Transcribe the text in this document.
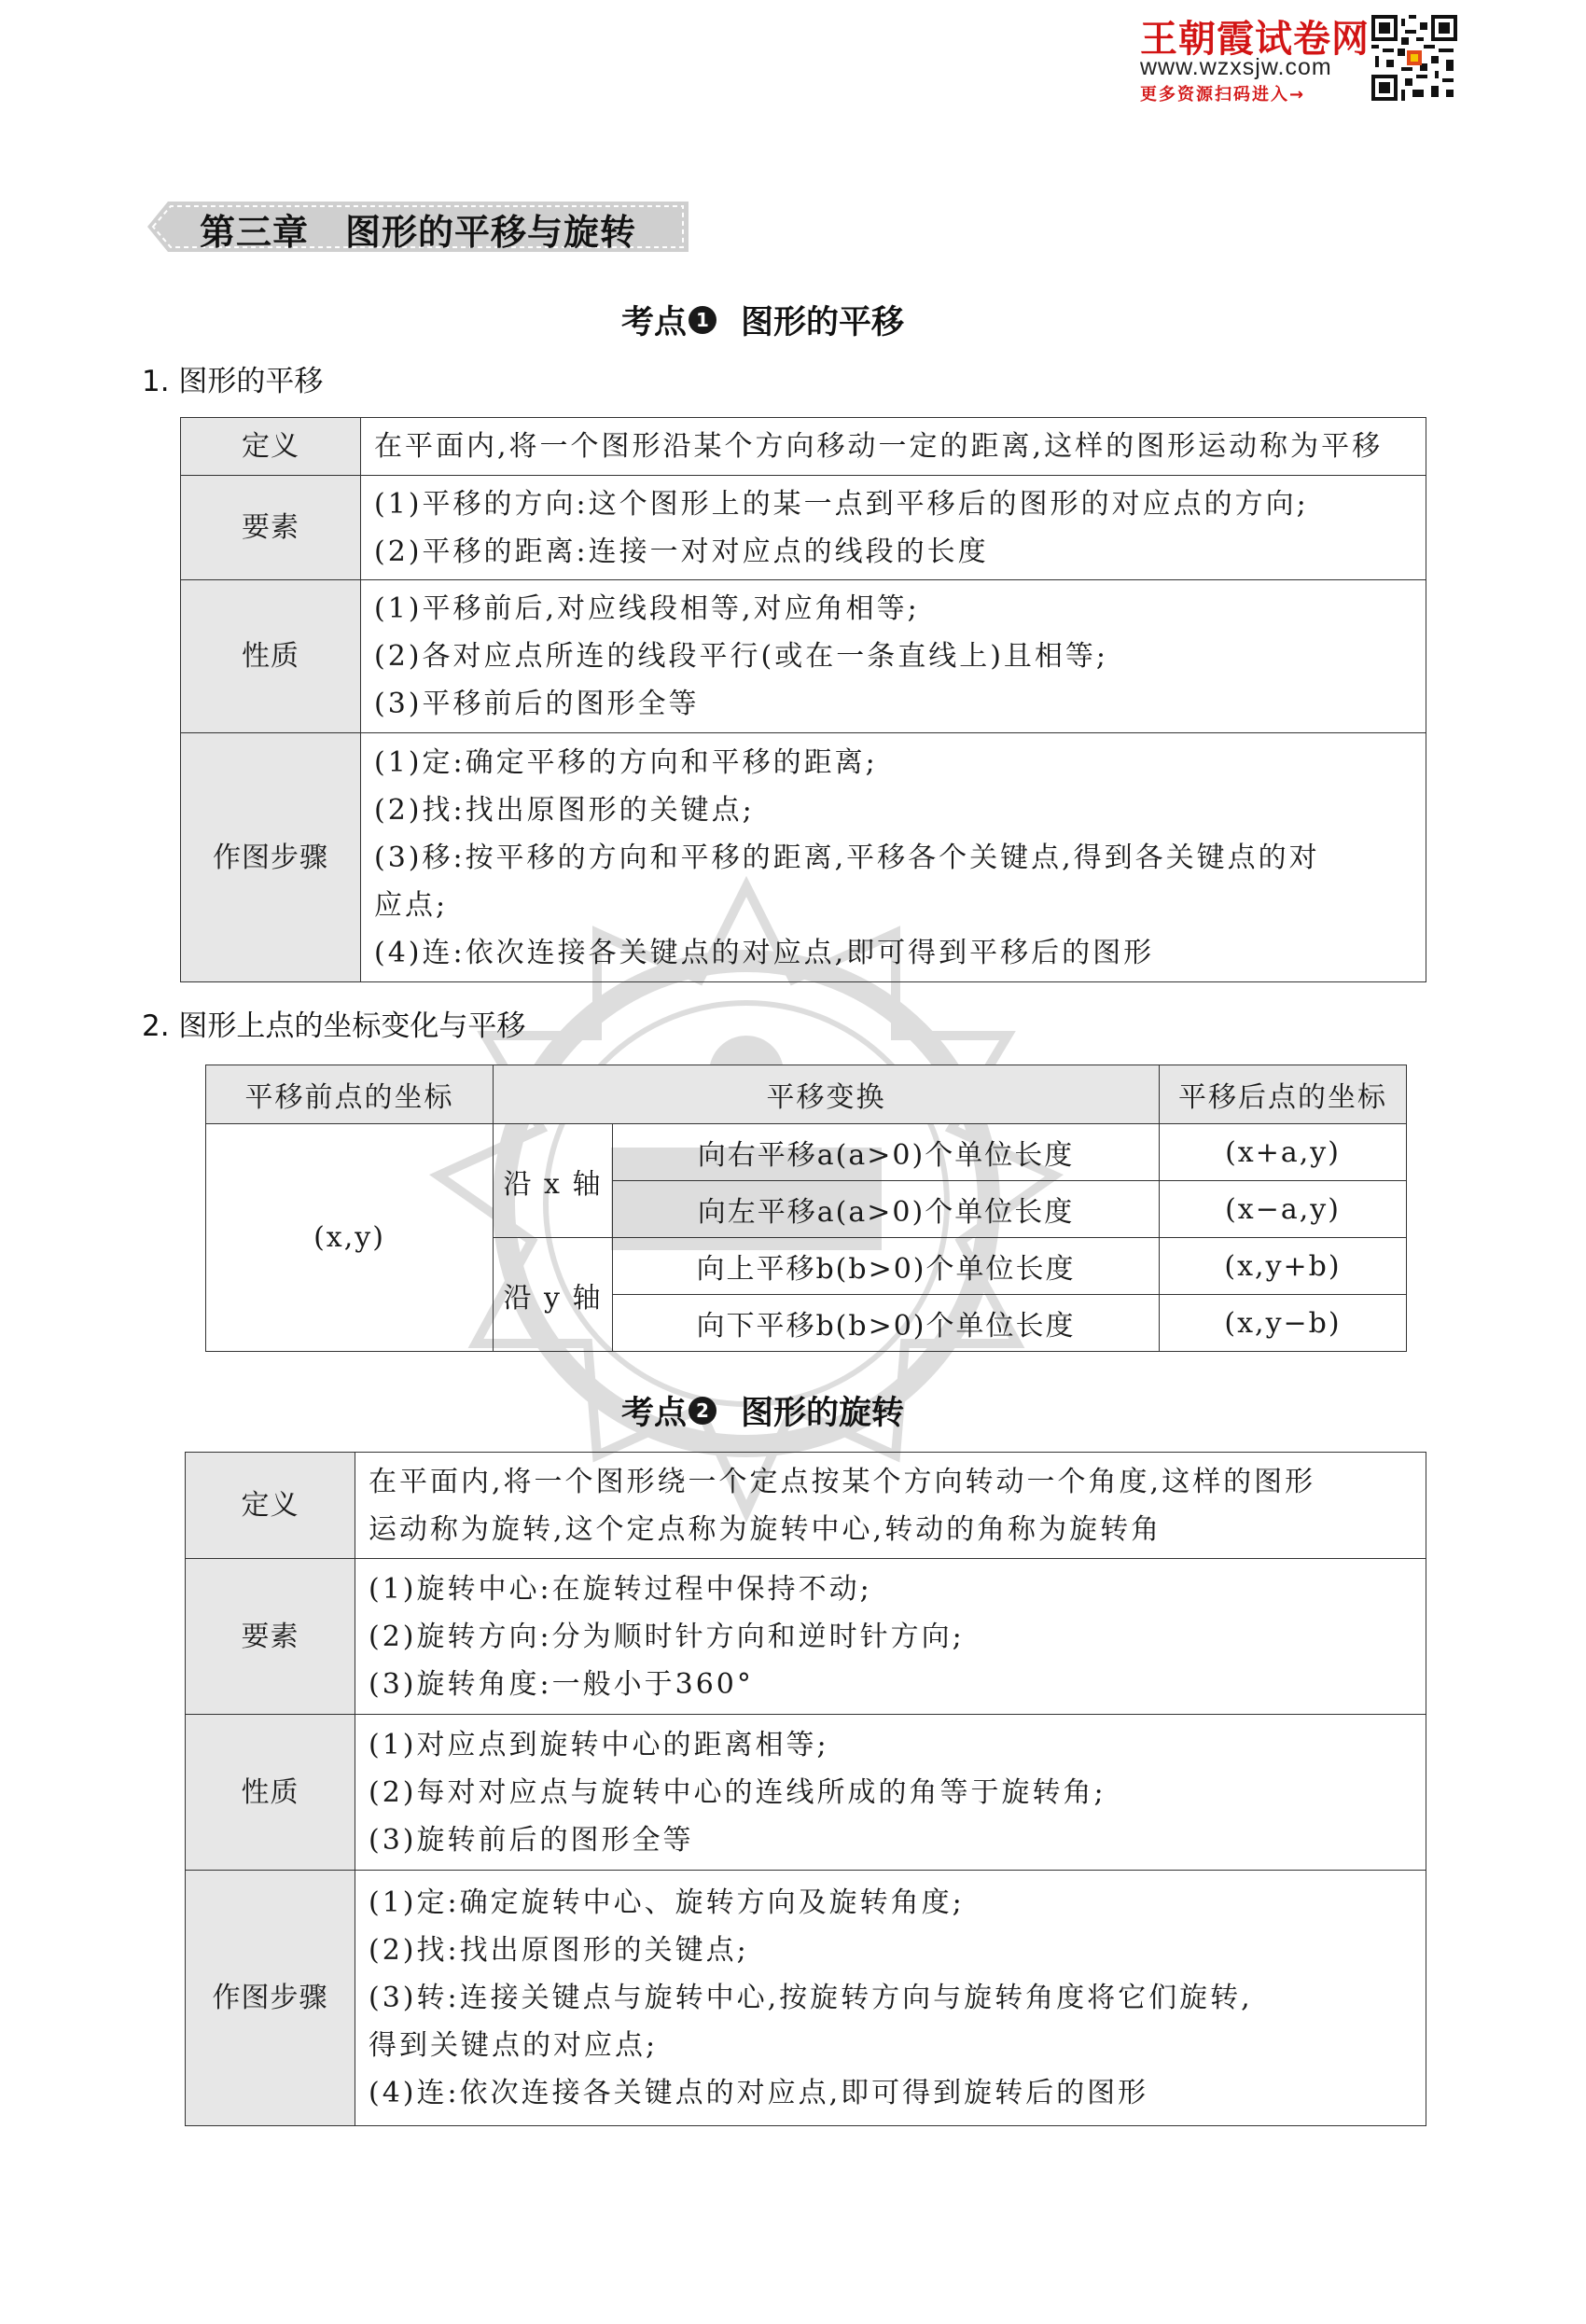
王朝霞试卷网
www.wzxsjw.com
更多资源扫码进入→
第三章　图形的平移与旋转
考点 1 图形的平移
1. 图形的平移
定义	在平面内,将一个图形沿某个方向移动一定的距离,这样的图形运动称为平移

要素	(1)平移的方向:这个图形上的某一点到平移后的图形的对应点的方向;
(2)平移的距离:连接一对对应点的线段的长度

性质	(1)平移前后,对应线段相等,对应角相等;
(2)各对应点所连的线段平行(或在一条直线上)且相等;
(3)平移前后的图形全等

作图步骤	(1)定:确定平移的方向和平移的距离;
(2)找:找出原图形的关键点;
(3)移:按平移的方向和平移的距离,平移各个关键点,得到各关键点的对
应点;
(4)连:依次连接各关键点的对应点,即可得到平移后的图形
2. 图形上点的坐标变化与平移
平移前点的坐标	平移变换		平移后点的坐标
(x,y)	沿 x 轴	向右平移a(a>0)个单位长度	(x+a,y)
		向左平移a(a>0)个单位长度	(x−a,y)
	沿 y 轴	向上平移b(b>0)个单位长度	(x,y+b)
		向下平移b(b>0)个单位长度	(x,y−b)
考点 2 图形的旋转
定义	在平面内,将一个图形绕一个定点按某个方向转动一个角度,这样的图形
运动称为旋转,这个定点称为旋转中心,转动的角称为旋转角

要素	(1)旋转中心:在旋转过程中保持不动;
(2)旋转方向:分为顺时针方向和逆时针方向;
(3)旋转角度:一般小于360°

性质	(1)对应点到旋转中心的距离相等;
(2)每对对应点与旋转中心的连线所成的角等于旋转角;
(3)旋转前后的图形全等

作图步骤	(1)定:确定旋转中心、旋转方向及旋转角度;
(2)找:找出原图形的关键点;
(3)转:连接关键点与旋转中心,按旋转方向与旋转角度将它们旋转,
得到关键点的对应点;
(4)连:依次连接各关键点的对应点,即可得到旋转后的图形
